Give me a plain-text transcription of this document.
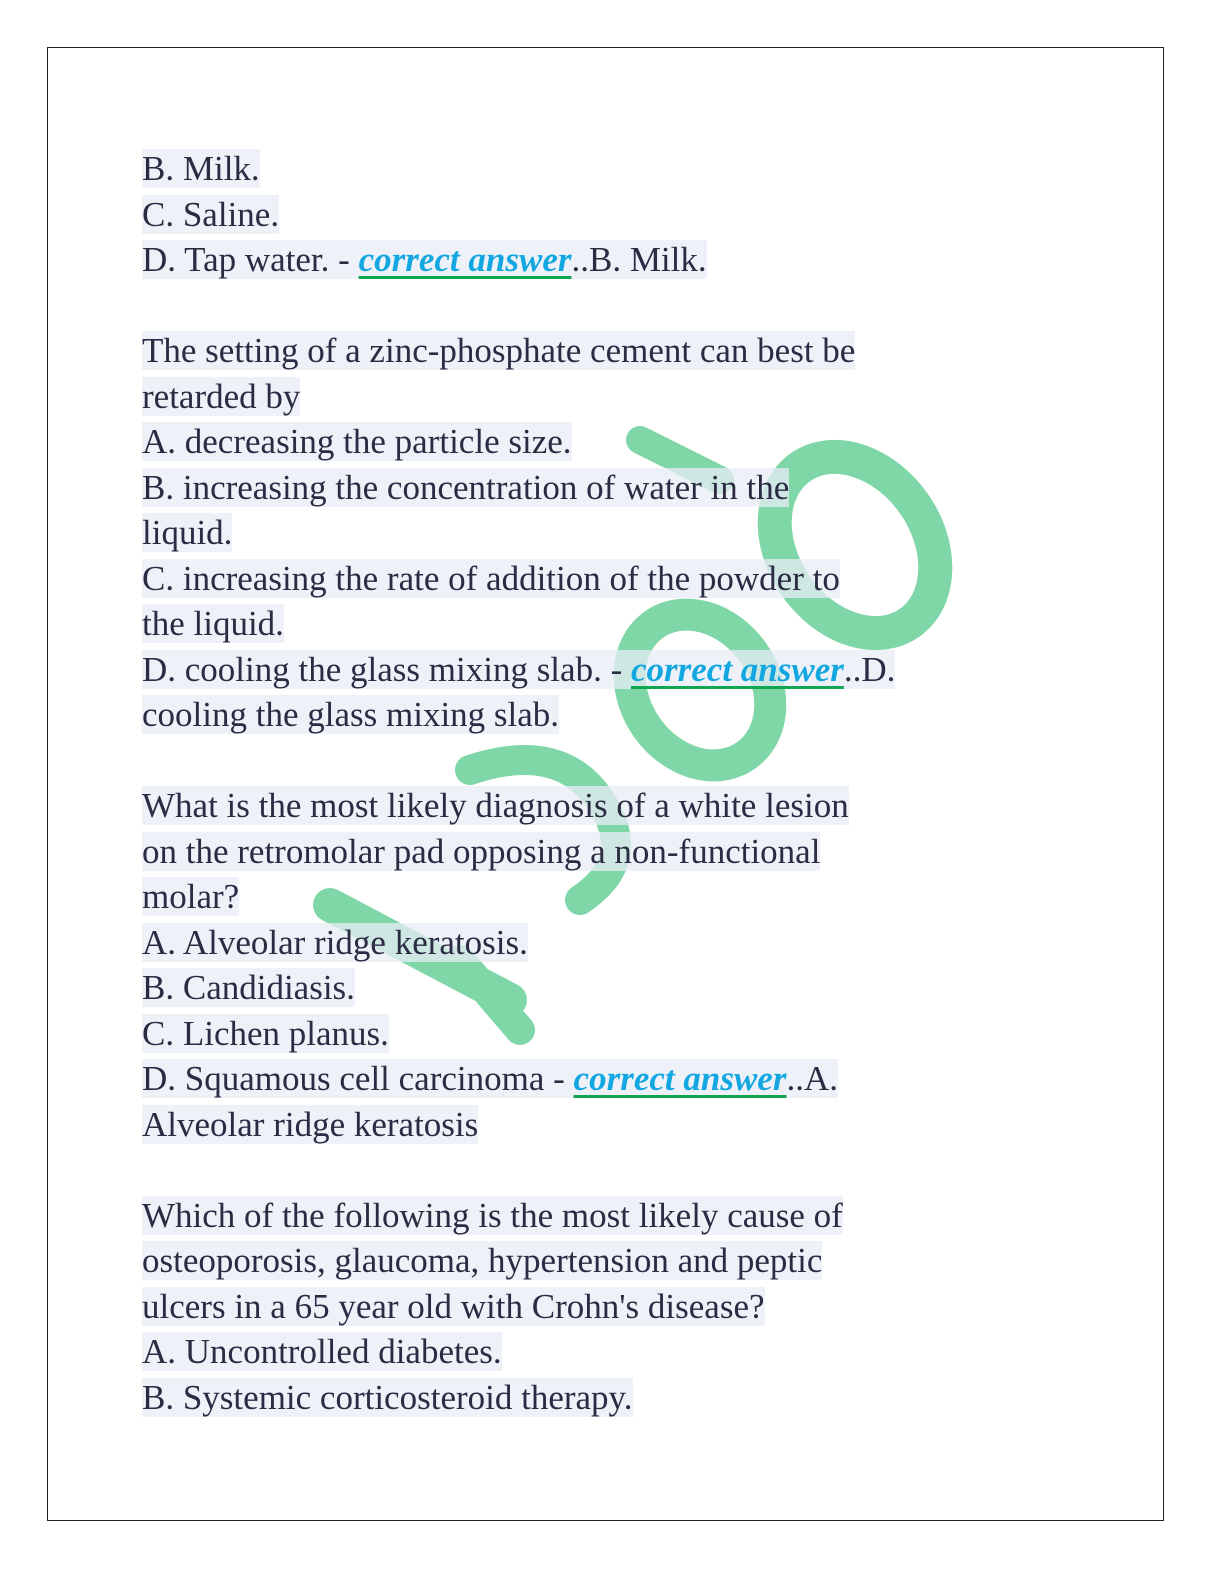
B. Milk.
C. Saline.
D. Tap water. - correct answer..B. Milk.
The setting of a zinc-phosphate cement can best be
retarded by
A. decreasing the particle size.
B. increasing the concentration of water in the
liquid.
C. increasing the rate of addition of the powder to
the liquid.
D. cooling the glass mixing slab. - correct answer..D.
cooling the glass mixing slab.
What is the most likely diagnosis of a white lesion
on the retromolar pad opposing a non-functional
molar?
A. Alveolar ridge keratosis.
B. Candidiasis.
C. Lichen planus.
D. Squamous cell carcinoma - correct answer..A.
Alveolar ridge keratosis
Which of the following is the most likely cause of
osteoporosis, glaucoma, hypertension and peptic
ulcers in a 65 year old with Crohn's disease?
A. Uncontrolled diabetes.
B. Systemic corticosteroid therapy.
